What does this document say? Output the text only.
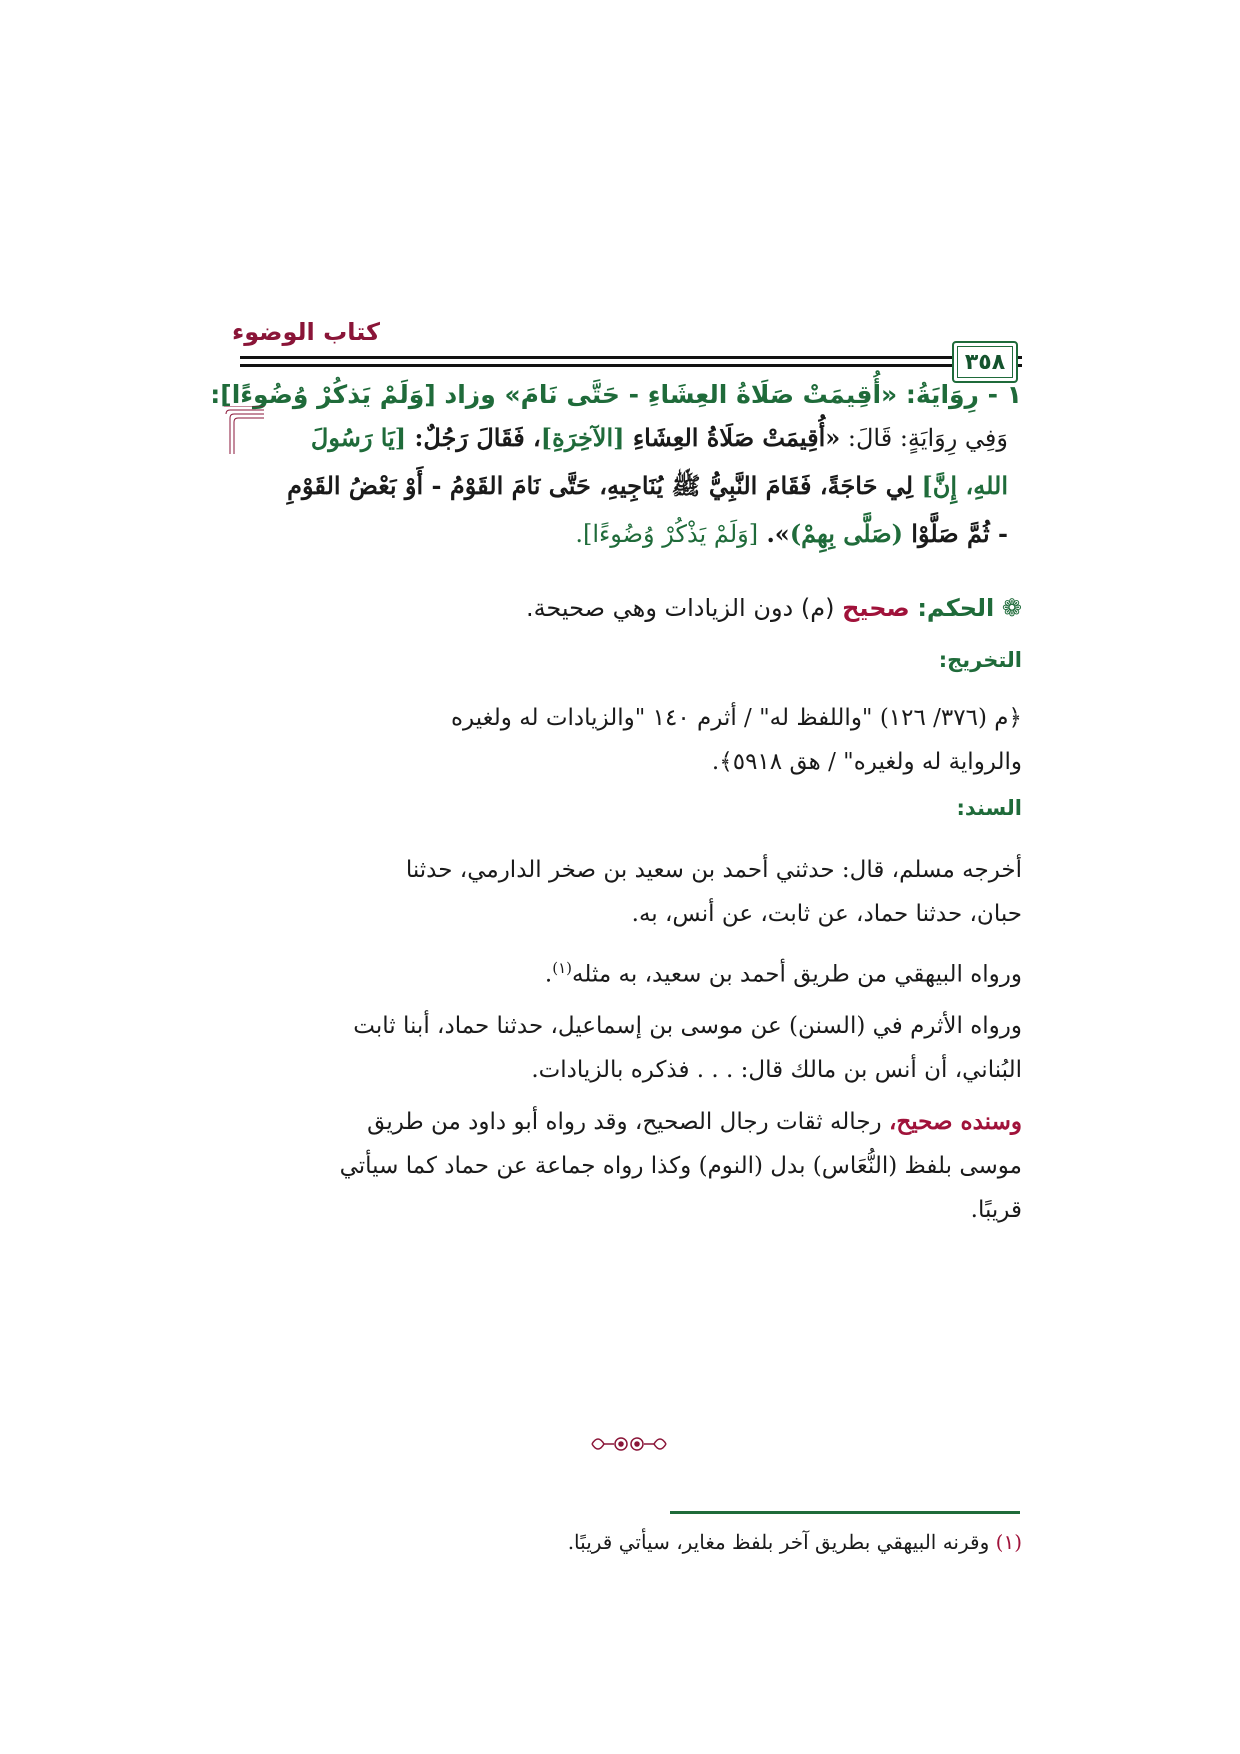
كتاب الوضوء
٣٥٨
١ - رِوَايَةُ: «أُقِيمَتْ صَلَاةُ العِشَاءِ - حَتَّى نَامَ» وزاد [وَلَمْ يَذكُرْ وُضُوءًا]:
وَفِي رِوَايَةٍ: قَالَ: «أُقِيمَتْ صَلَاةُ العِشَاءِ [الآخِرَةِ]، فَقَالَ رَجُلٌ: [يَا رَسُولَ
اللهِ، إِنَّ] لِي حَاجَةً، فَقَامَ النَّبِيُّ ﷺ يُنَاجِيهِ، حَتَّى نَامَ القَوْمُ - أَوْ بَعْضُ القَوْمِ
- ثُمَّ صَلَّوْا (صَلَّى بِهِمْ)». [وَلَمْ يَذْكُرْ وُضُوءًا].
❁ الحكم: صحيح (م) دون الزيادات وهي صحيحة.
التخريج:
﴿م (٣٧٦/ ١٢٦) "واللفظ له" / أثرم ١٤٠ "والزيادات له ولغيره
والرواية له ولغيره" / هق ٥٩١٨﴾.
السند:
أخرجه مسلم، قال: حدثني أحمد بن سعيد بن صخر الدارمي، حدثنا
حبان، حدثنا حماد، عن ثابت، عن أنس، به.
ورواه البيهقي من طريق أحمد بن سعيد، به مثله$^{(١)}$.
ورواه الأثرم في (السنن) عن موسى بن إسماعيل، حدثنا حماد، أبنا ثابت
البُناني، أن أنس بن مالك قال: . . . فذكره بالزيادات.
وسنده صحيح، رجاله ثقات رجال الصحيح، وقد رواه أبو داود من طريق
موسى بلفظ (النُّعَاس) بدل (النوم) وكذا رواه جماعة عن حماد كما سيأتي
قريبًا.
(١) وقرنه البيهقي بطريق آخر بلفظ مغاير، سيأتي قريبًا.
